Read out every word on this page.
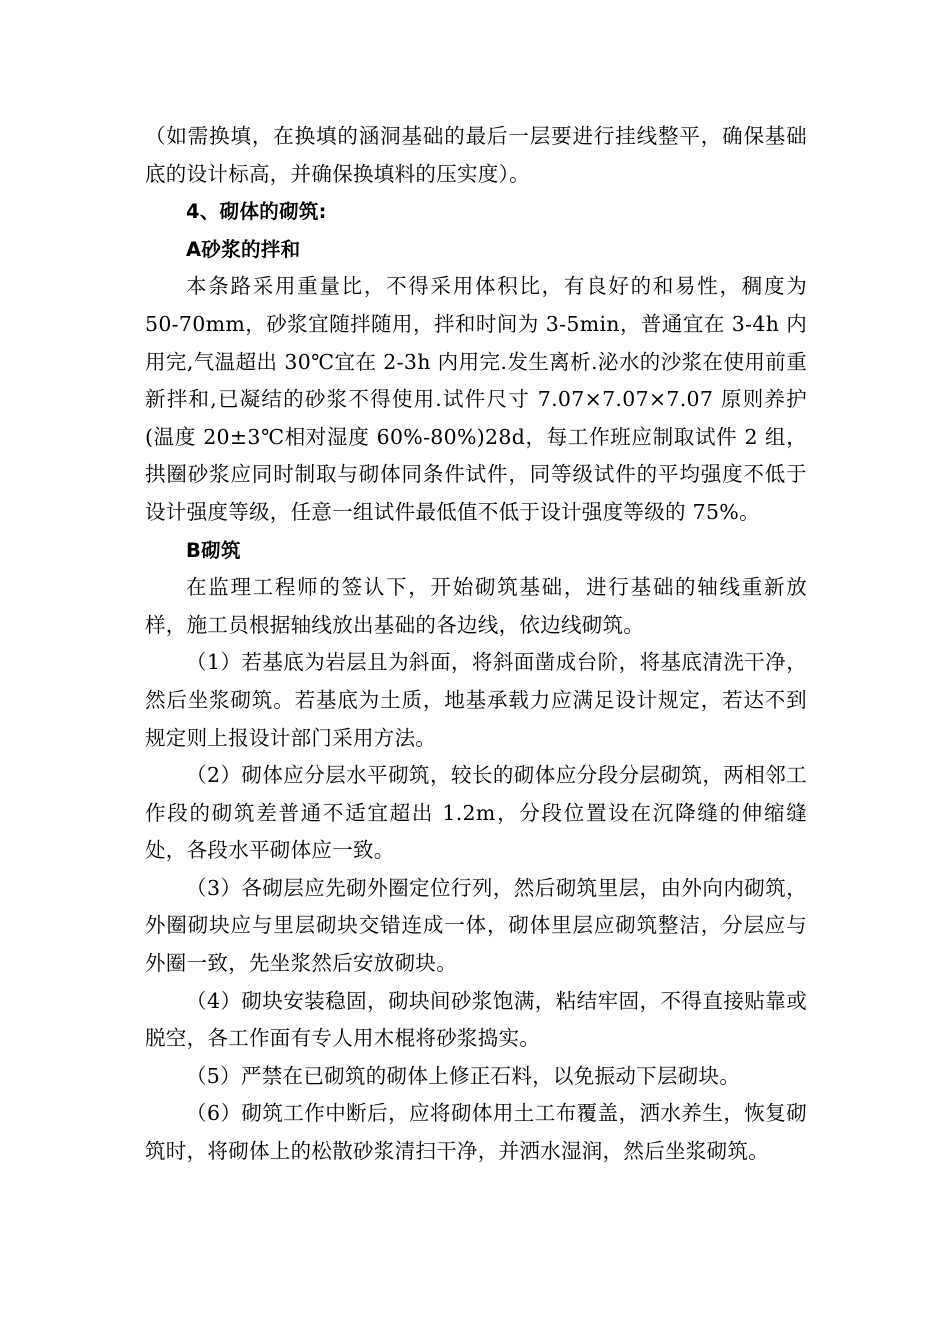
（如需换填，在换填的涵洞基础的最后一层要进行挂线整平，确保基础底的设计标高，并确保换填料的压实度）。

4、砌体的砌筑:

A砂浆的拌和

本条路采用重量比，不得采用体积比，有良好的和易性，稠度为 50-70mm，砂浆宜随拌随用，拌和时间为 3-5min，普通宜在 3-4h 内用完,气温超出 30℃宜在 2-3h 内用完.发生离析.泌水的沙浆在使用前重新拌和,已凝结的砂浆不得使用.试件尺寸 7.07×7.07×7.07 原则养护(温度 20±3℃相对湿度 60%-80%)28d，每工作班应制取试件 2 组，拱圈砂浆应同时制取与砌体同条件试件，同等级试件的平均强度不低于设计强度等级，任意一组试件最低值不低于设计强度等级的 75%。

B砌筑

在监理工程师的签认下，开始砌筑基础，进行基础的轴线重新放样，施工员根据轴线放出基础的各边线，依边线砌筑。

（1）若基底为岩层且为斜面，将斜面凿成台阶，将基底清洗干净，然后坐浆砌筑。若基底为土质，地基承载力应满足设计规定，若达不到规定则上报设计部门采用方法。

（2）砌体应分层水平砌筑，较长的砌体应分段分层砌筑，两相邻工作段的砌筑差普通不适宜超出 1.2m，分段位置设在沉降缝的伸缩缝处，各段水平砌体应一致。

（3）各砌层应先砌外圈定位行列，然后砌筑里层，由外向内砌筑，外圈砌块应与里层砌块交错连成一体，砌体里层应砌筑整洁，分层应与外圈一致，先坐浆然后安放砌块。

（4）砌块安装稳固，砌块间砂浆饱满，粘结牢固，不得直接贴靠或脱空，各工作面有专人用木棍将砂浆捣实。

（5）严禁在已砌筑的砌体上修正石料，以免振动下层砌块。

（6）砌筑工作中断后，应将砌体用土工布覆盖，洒水养生，恢复砌筑时，将砌体上的松散砂浆清扫干净，并洒水湿润，然后坐浆砌筑。
